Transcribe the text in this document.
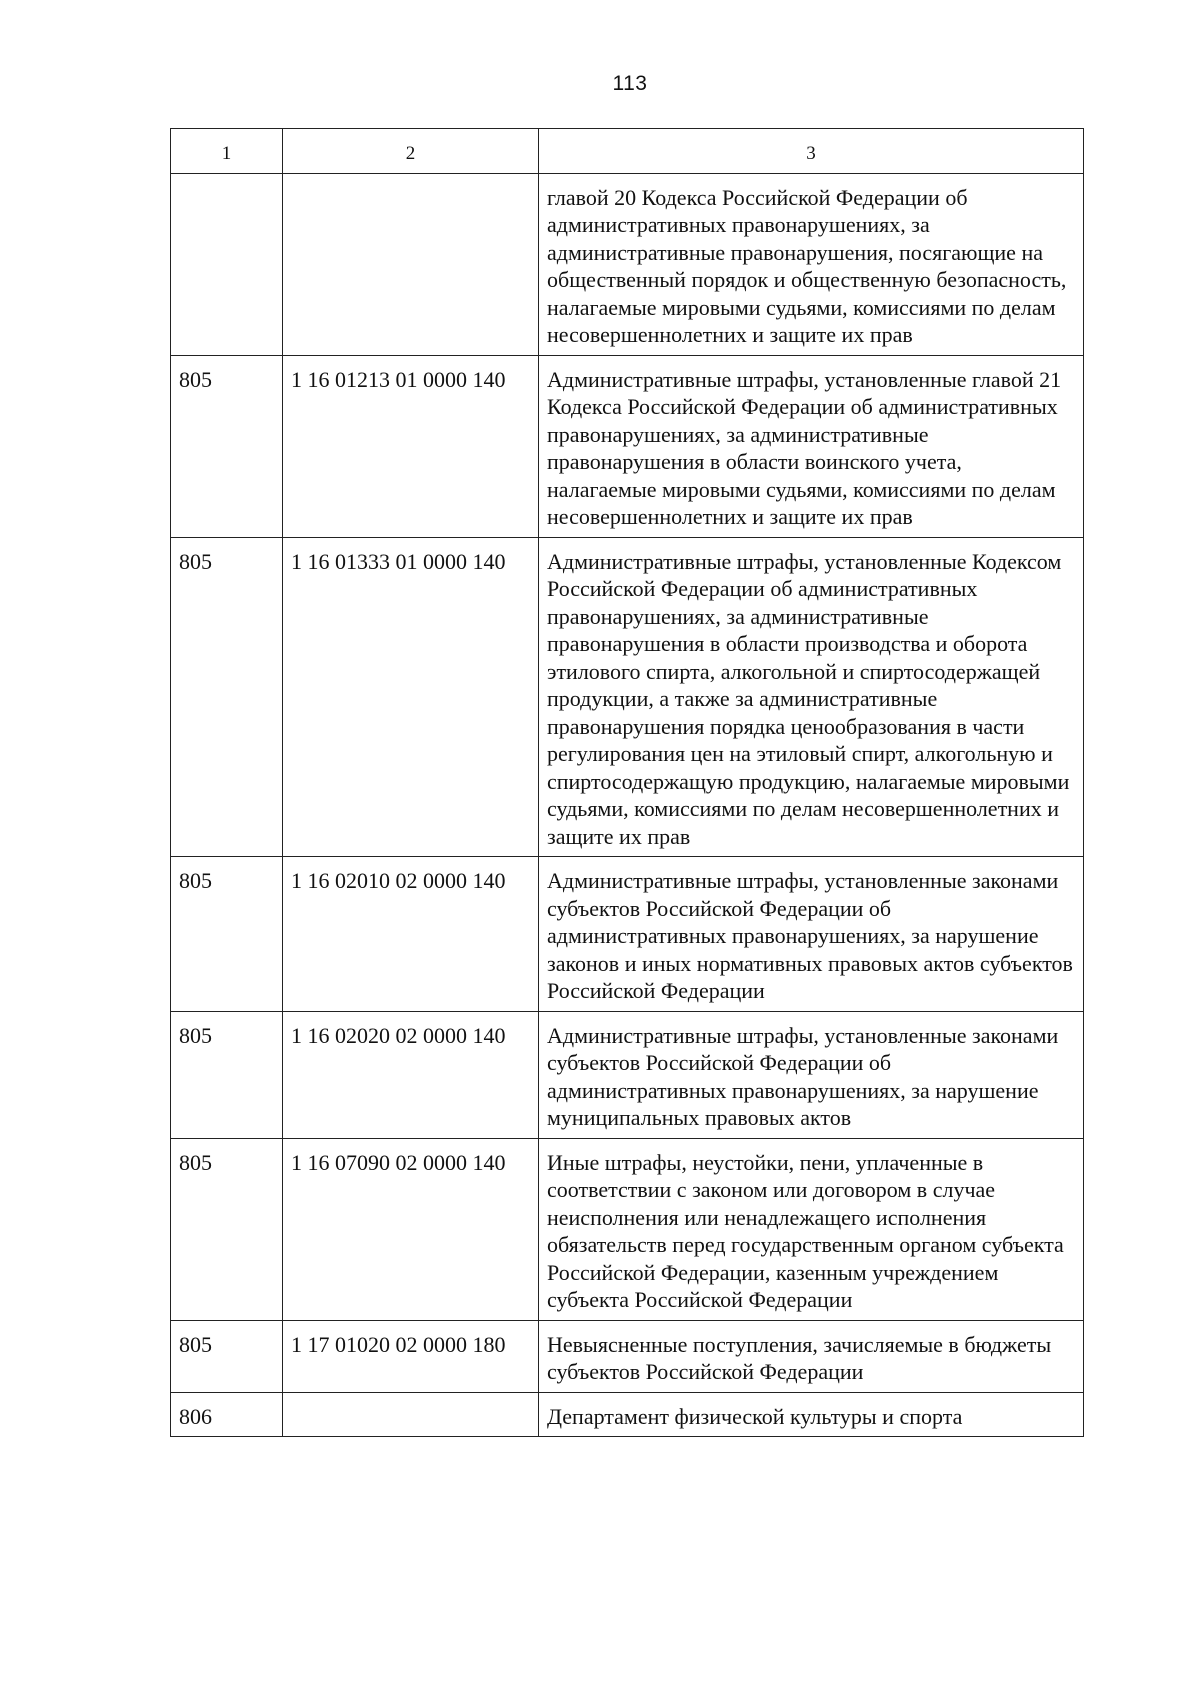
113
1	2	3
		главой 20 Кодекса Российской Федерации об административных правонарушениях, за административные правонарушения, посягающие на общественный порядок и общественную безопасность, налагаемые мировыми судьями, комиссиями по делам несовершеннолетних и защите их прав
805	1 16 01213 01 0000 140	Административные штрафы, установленные главой 21 Кодекса Российской Федерации об административных правонарушениях, за административные правонарушения в области воинского учета, налагаемые мировыми судьями, комиссиями по делам несовершеннолетних и защите их прав
805	1 16 01333 01 0000 140	Административные штрафы, установленные Кодексом Российской Федерации об административных правонарушениях, за административные правонарушения в области производства и оборота этилового спирта, алкогольной и спиртосодержащей продукции, а также за административные правонарушения порядка ценообразования в части регулирования цен на этиловый спирт, алкогольную и спиртосодержащую продукцию, налагаемые мировыми судьями, комиссиями по делам несовершеннолетних и защите их прав
805	1 16 02010 02 0000 140	Административные штрафы, установленные законами субъектов Российской Федерации об административных правонарушениях, за нарушение законов и иных нормативных правовых актов субъектов Российской Федерации
805	1 16 02020 02 0000 140	Административные штрафы, установленные законами субъектов Российской Федерации об административных правонарушениях, за нарушение муниципальных правовых актов
805	1 16 07090 02 0000 140	Иные штрафы, неустойки, пени, уплаченные в соответствии с законом или договором в случае неисполнения или ненадлежащего исполнения обязательств перед государственным органом субъекта Российской Федерации, казенным учреждением субъекта Российской Федерации
805	1 17 01020 02 0000 180	Невыясненные поступления, зачисляемые в бюджеты субъектов Российской Федерации
806		Департамент физической культуры и спорта
